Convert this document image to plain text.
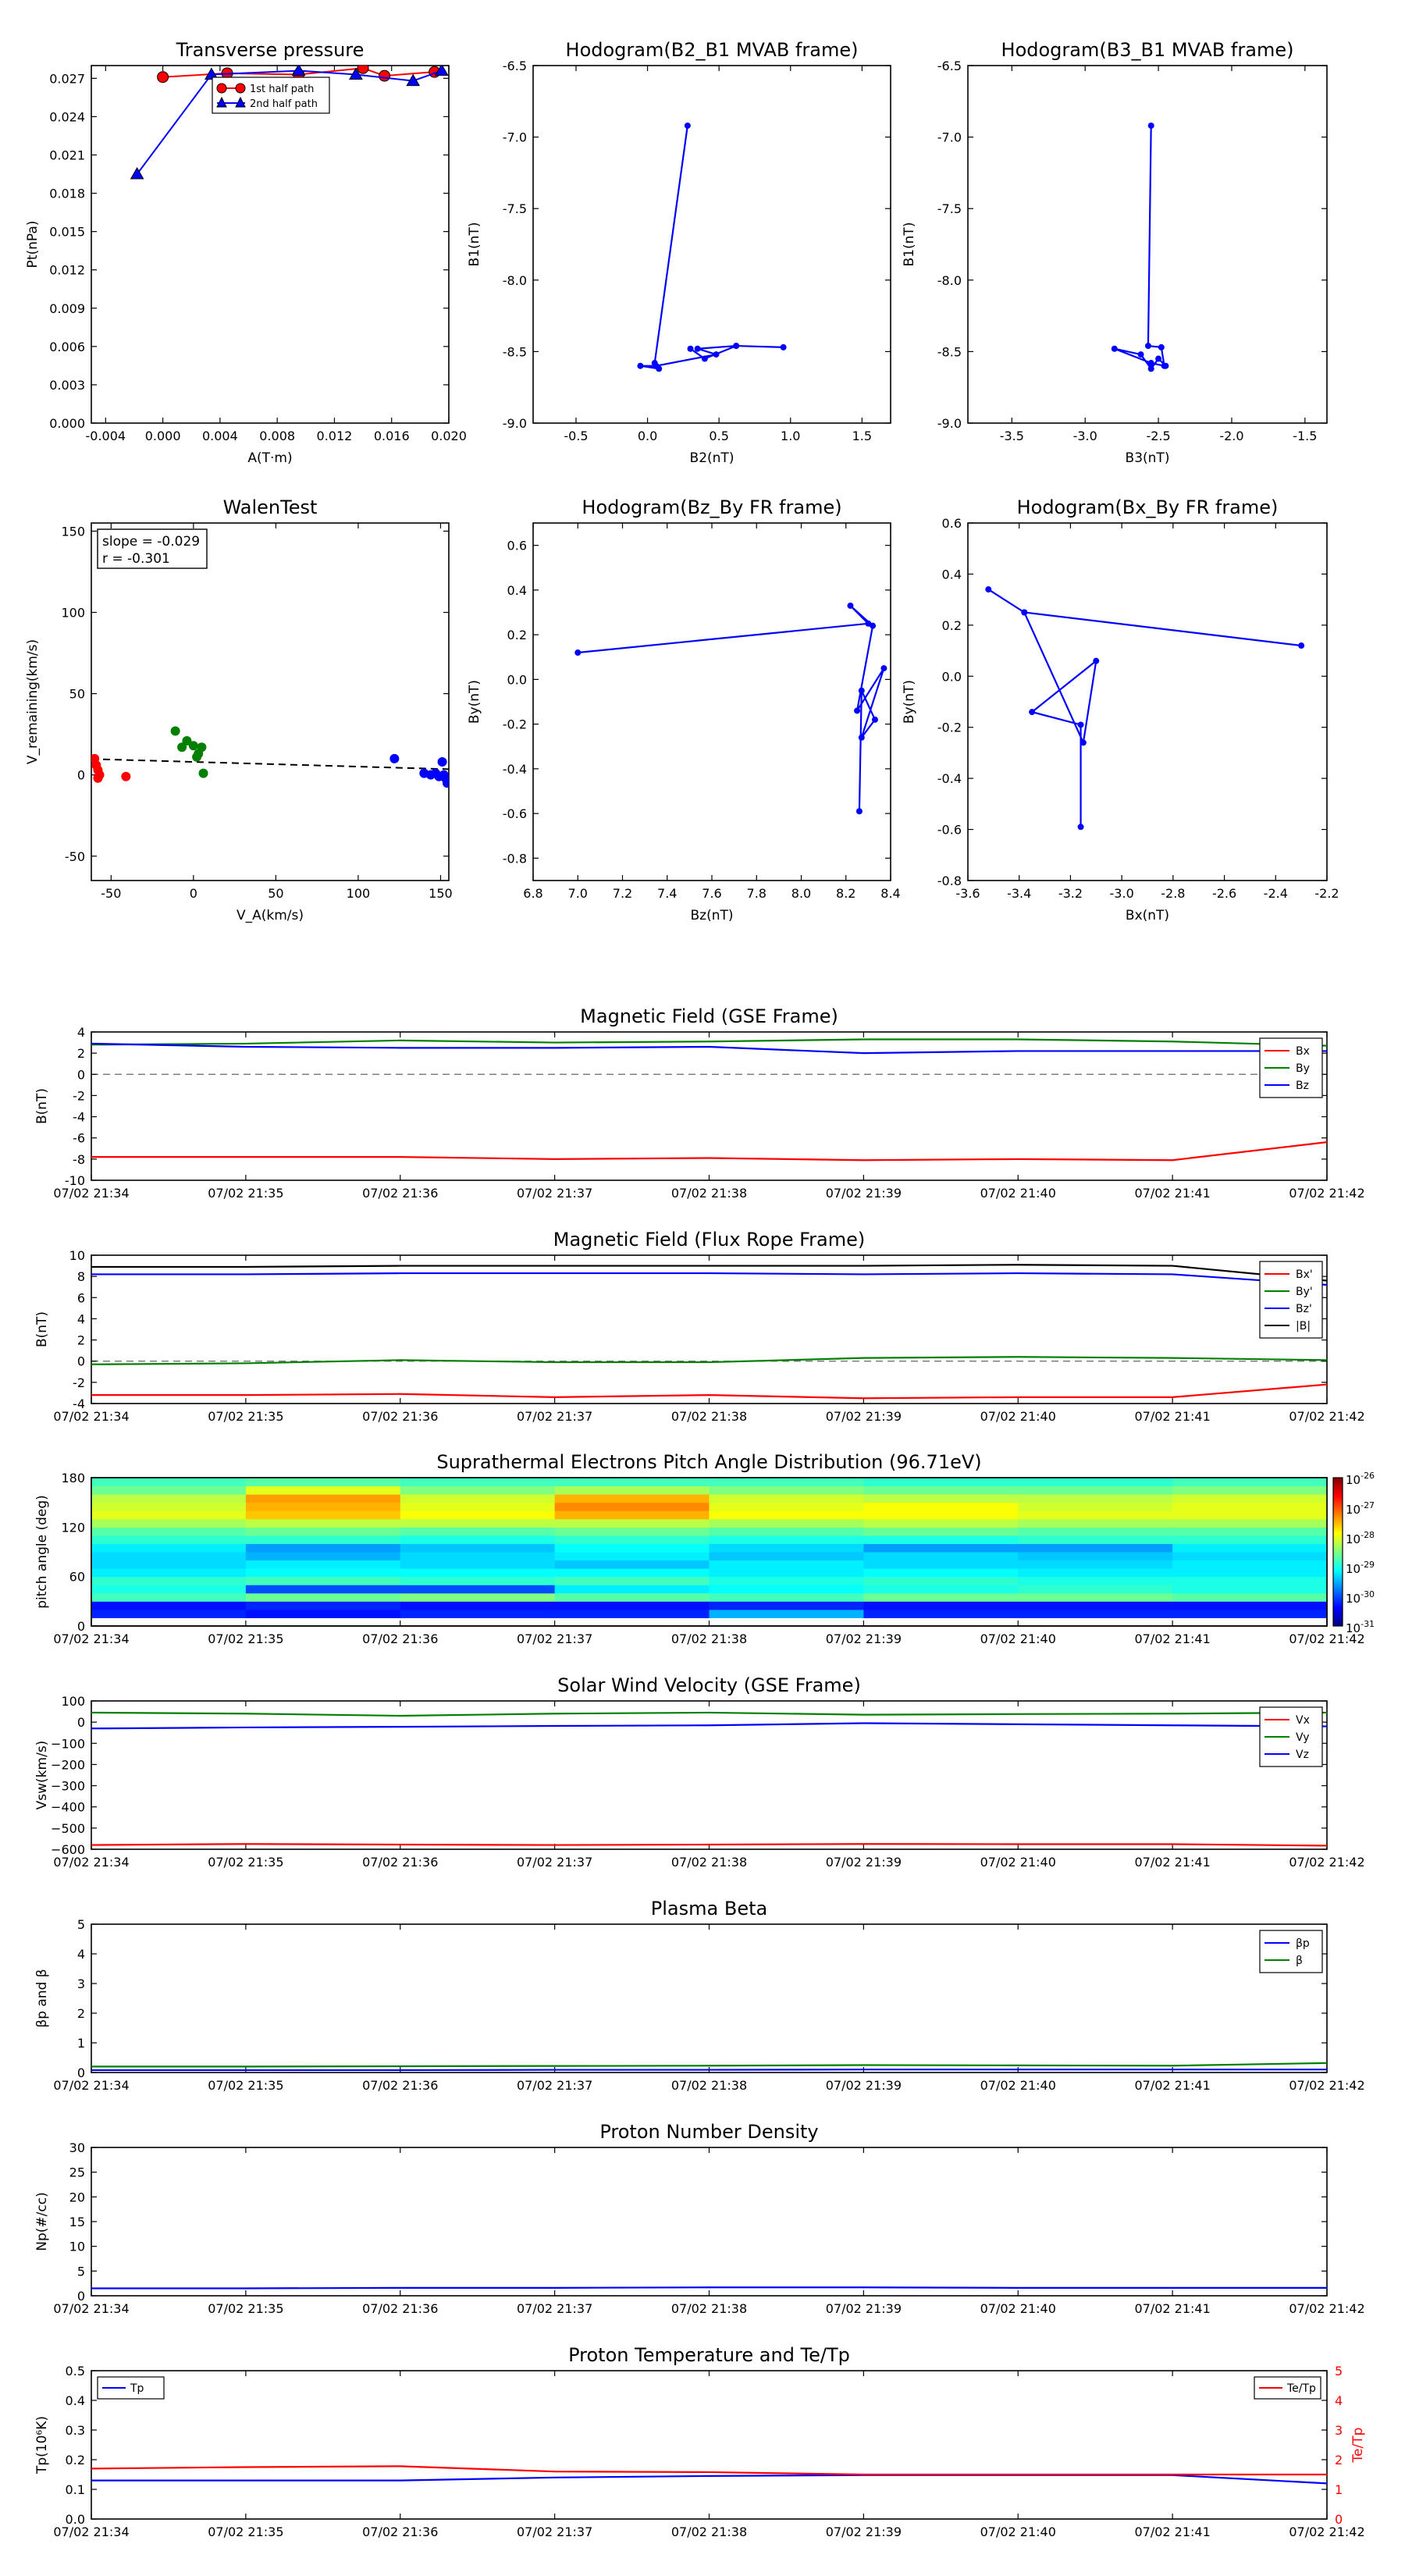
Transverse pressure
-0.004 0.000 0.004 0.008 0.012 0.016 0.020
0.000
0.003
0.006
0.009
0.012
0.015
0.018
0.021
0.024
0.027
A(T·m)
Pt(nPa)
1st half path
2nd half path
Hodogram(B2_B1 MVAB frame)
-0.5	0.0	0.5	1.0	1.5
-9.0
-8.5
-8.0
-7.5
-7.0
-6.5
B2(nT)
B1(nT)
Hodogram(B3_B1 MVAB frame)
-3.5	-3.0	-2.5	-2.0	-1.5
-9.0
-8.5
-8.0
-7.5
-7.0
-6.5
B3(nT)
B1(nT)
WalenTest
-50	0	50	100	150
-50
0
50
100
150
V_A(km/s)
V_remaining(km/s)
slope = -0.029
r = -0.301
Hodogram(Bz_By FR frame)
6.8 7.0 7.2 7.4 7.6 7.8 8.0 8.2 8.4
-0.8
-0.6
-0.4
-0.2
0.0
0.2
0.4
0.6
Bz(nT)
By(nT)
Hodogram(Bx_By FR frame)
-3.6 -3.4 -3.2 -3.0 -2.8 -2.6 -2.4 -2.2
-0.8
-0.6
-0.4
-0.2
0.0
0.2
0.4
0.6
Bx(nT)
By(nT)
Magnetic Field (GSE Frame)
07/02 21:34	07/02 21:35	07/02 21:36	07/02 21:37	07/02 21:38	07/02 21:39	07/02 21:40	07/02 21:41	07/02 21:42
-10
-8
-6
-4
-2
0
2
4
B(nT)
Bx
By
Bz
Magnetic Field (Flux Rope Frame)
07/02 21:34	07/02 21:35	07/02 21:36	07/02 21:37	07/02 21:38	07/02 21:39	07/02 21:40	07/02 21:41	07/02 21:42
-4
-2
0
2
4
6
8
10
B(nT)
Bx'
By'
Bz'
|B|
Suprathermal Electrons Pitch Angle Distribution (96.71eV)
07/02 21:34	07/02 21:35	07/02 21:36	07/02 21:37	07/02 21:38	07/02 21:39	07/02 21:40	07/02 21:41	07/02 21:42
0
60
120
180
pitch angle (deg)
$10^{-26}$
$10^{-27}$
$10^{-28}$
$10^{-29}$
$10^{-30}$
$10^{-31}$
Solar Wind Velocity (GSE Frame)
07/02 21:34	07/02 21:35	07/02 21:36	07/02 21:37	07/02 21:38	07/02 21:39	07/02 21:40	07/02 21:41	07/02 21:42
−600
−500
−400
−300
−200
−100
0
100
Vsw(km/s)
Vx
Vy
Vz
Plasma Beta
07/02 21:34	07/02 21:35	07/02 21:36	07/02 21:37	07/02 21:38	07/02 21:39	07/02 21:40	07/02 21:41	07/02 21:42
0
1
2
3
4
5
βp and β
βp
β
Proton Number Density
07/02 21:34	07/02 21:35	07/02 21:36	07/02 21:37	07/02 21:38	07/02 21:39	07/02 21:40	07/02 21:41	07/02 21:42
0
5
10
15
20
25
30
Np(#/cc)
Proton Temperature and Te/Tp
07/02 21:34	07/02 21:35	07/02 21:36	07/02 21:37	07/02 21:38	07/02 21:39	07/02 21:40	07/02 21:41	07/02 21:42
0.0
0.1
0.2
0.3
0.4
0.5
Tp(10⁶K)
0
1
2
3
4
5
Te/Tp
Tp	Te/Tp
